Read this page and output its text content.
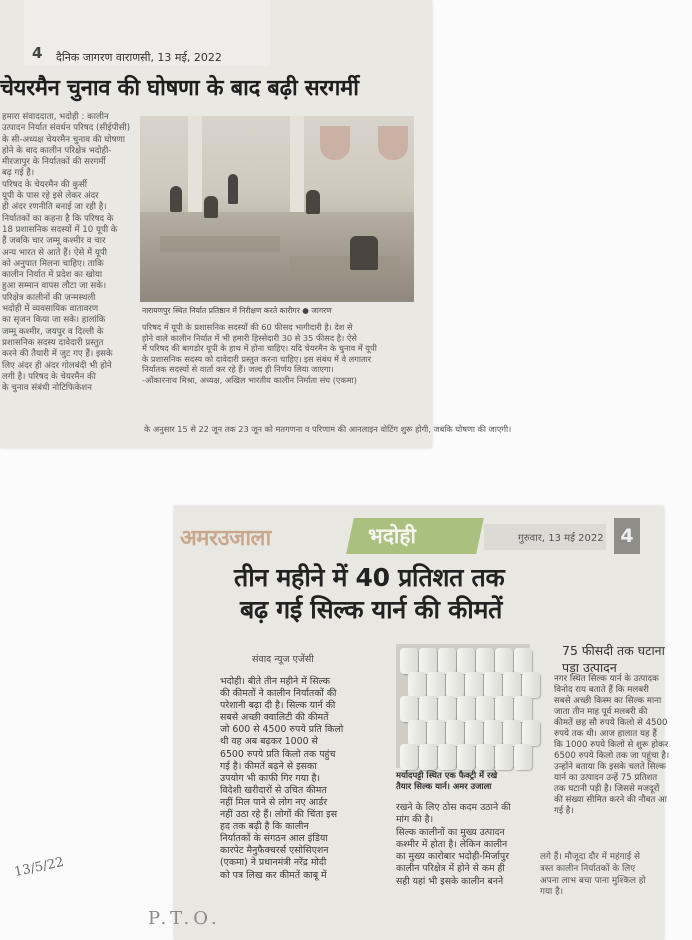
4 दैनिक जागरण वाराणसी, 13 मई, 2022
चेयरमैन चुनाव की घोषणा के बाद बढ़ी सरगर्मी
हमारा संवाददाता, भदोही : कालीन
उत्पादन निर्यात संवर्धन परिषद (सीईपीसी)
के सी-अध्यक्ष चेयरमैन चुनाव की घोषणा
होने के बाद कालीन परिक्षेत्र भदोही-
मीरजापुर के निर्यातकों की सरगर्मी
बढ़ गई है।
परिषद के चेयरमैन की कुर्सी
यूपी के पास रहे इसे लेकर अंदर
ही अंदर रणनीति बनाई जा रही है।
निर्यातकों का कहना है कि परिषद के
18 प्रशासनिक सदस्यों में 10 यूपी के
हैं जबकि चार जम्मू कश्मीर व चार
अन्य भारत से आते हैं। ऐसे में यूपी
को अनुपात मिलना चाहिए। ताकि
कालीन निर्यात में प्रदेश का खोया
हुआ सम्मान वापस लौटा जा सके।
परिक्षेत्र कालीनों की जन्मस्थली
भदोही में व्यवसायिक वातावरण
का सृजन किया जा सके। हालांकि
जम्मू कश्मीर, जयपुर व दिल्ली के
प्रशासनिक सदस्य दावेदारी प्रस्तुत
करने की तैयारी में जुट गए हैं। इसके
लिए अंदर ही अंदर गोलबंदी भी होने
लगी है। परिषद के चेयरमैन की
के चुनाव संबंधी नोटिफिकेशन
नारायणपुर स्थित निर्यात प्रतिष्ठान में निरीक्षण करते कारीगर ● जागरण
परिषद में यूपी के प्रशासनिक सदस्यों की 60 फीसद भागीदारी है। देश से
होने वाले कालीन निर्यात में भी हमारी हिस्सेदारी 30 से 35 फीसद है। ऐसे
में परिषद की बागडोर यूपी के हाथ में होना चाहिए। यदि चेयरमैन के चुनाव में यूपी
के प्रशासनिक सदस्य को दावेदारी प्रस्तुत करना चाहिए। इस संबंध में वे लगातार
निर्यातक सदस्यों से वार्ता कर रहे हैं। जल्द ही निर्णय लिया जाएगा।
-ओंकारनाथ मिश्रा, अध्यक्ष, अखिल भारतीय कालीन निर्माता संघ (एकमा)
के अनुसार 15 से 22 जून तक 23 जून को मतगणना व परिणाम की आनलाइन वोटिंग शुरू होगी, जबकि घोषणा की जाएगी।
अमरउजाला	भदोही	गुरुवार, 13 मई 2022 4
तीन महीने में 40 प्रतिशत तक
बढ़ गई सिल्क यार्न की कीमतें
संवाद न्यूज एजेंसी
भदोही। बीते तीन महीने में सिल्क
की कीमतों ने कालीन निर्यातकों की
परेशानी बढ़ा दी है। सिल्क यार्न की
सबसे अच्छी क्वालिटी की कीमतें
जो 600 से 4500 रुपये प्रति किलो
थी वह अब बढ़कर 1000 से
6500 रुपये प्रति किलो तक पहुंच
गई है। कीमतें बढ़ने से इसका
उपयोग भी काफी गिर गया है।
विदेशी खरीदारों से उचित कीमत
नहीं मिल पाने से लोग नए आर्डर
नहीं उठा रहे हैं। लोगों की चिंता इस
हद तक बढ़ी है कि कालीन
निर्यातकों के संगठन आल इंडिया
कारपेट मैनुफैक्चरर्स एसोसिएशन
(एकमा) ने प्रधानमंत्री नरेंद्र मोदी
को पत्र लिख कर कीमतें काबू में
मर्यादपट्टी स्थित एक फैक्ट्री में रखे
तैयार सिल्क यार्न। अमर उजाला
रखने के लिए ठोस कदम उठाने की
मांग की है।
सिल्क कालीनों का मुख्य उत्पादन
कश्मीर में होता है। लेकिन कालीन
का मुख्य कारोबार भदोही-मिर्जापुर
कालीन परिक्षेत्र में होने से कम ही
सही यहां भी इसके कालीन बनने
75 फीसदी तक घटाना
पड़ा उत्पादन
नगर स्थित सिल्क यार्न के उत्पादक
विनोद राय बताते हैं कि मलबरी
सबसे अच्छी किस्म का सिल्क माना
जाता तीन माह पूर्व मलबरी की
कीमतें छह सौ रुपये किलो से 4500
रुपये तक थी। आज हालात यह हैं
कि 1000 रुपये किलो से शुरू होकर
6500 रुपये किलो तक जा पहुंचा है।
उन्होंने बताया कि इसके चलते सिल्क
यार्न का उत्पादन उन्हें 75 प्रतिशत
तक घटानी पड़ी है। जिससे मजदूरों
की संख्या सीमित करने की नौबत आ
गई है।
लगे हैं। मौजूदा दौर में महंगाई से
त्रस्त कालीन निर्यातकों के लिए
अपना लाभ बचा पाना मुश्किल हो
गया है।
13/5/22
P.T.O.
